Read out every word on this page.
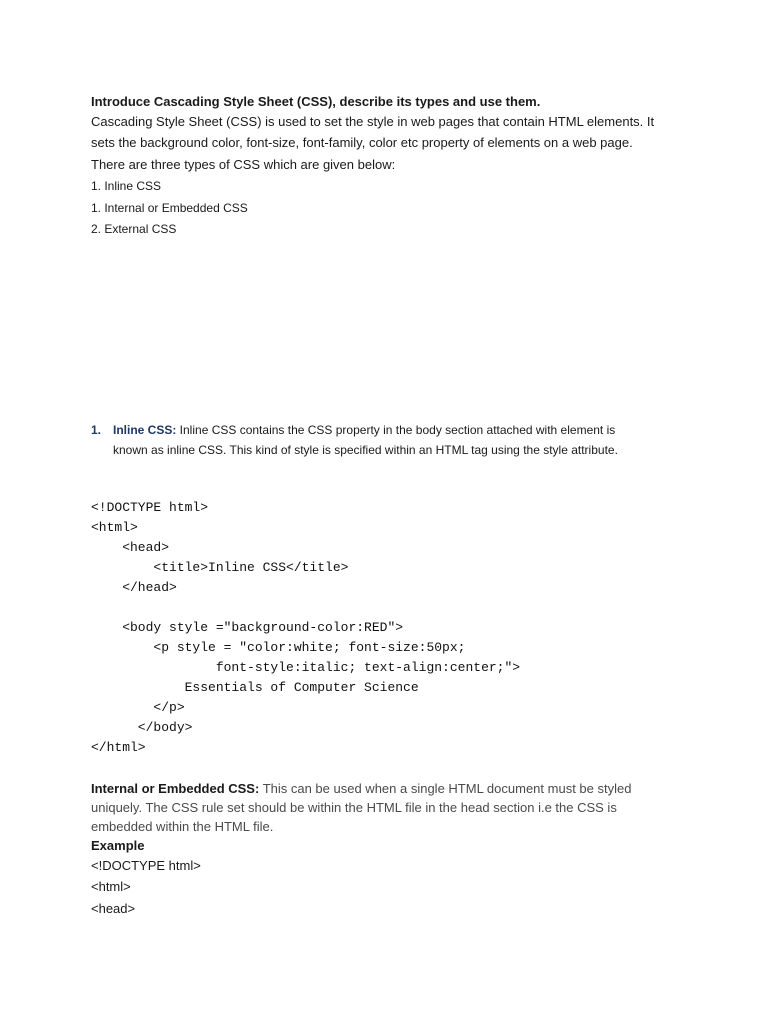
Introduce Cascading Style Sheet (CSS), describe its types and use them.
Cascading Style Sheet (CSS) is used to set the style in web pages that contain HTML elements. It
sets the background color, font-size, font-family, color etc property of elements on a web page.
There are three types of CSS which are given below:
1. Inline CSS
1. Internal or Embedded CSS
2. External CSS
1. Inline CSS: Inline CSS contains the CSS property in the body section attached with element is
known as inline CSS. This kind of style is specified within an HTML tag using the style attribute.
<!DOCTYPE html>
<html>
<head>
<title>Inline CSS</title>
</head>
<body style ="background-color:RED">
<p style = "color:white; font-size:50px;
font-style:italic; text-align:center;">
Essentials of Computer Science
</p>
</body>
</html>
Internal or Embedded CSS: This can be used when a single HTML document must be styled
uniquely. The CSS rule set should be within the HTML file in the head section i.e the CSS is
embedded within the HTML file.
Example
<!DOCTYPE html>
<html>
<head>
